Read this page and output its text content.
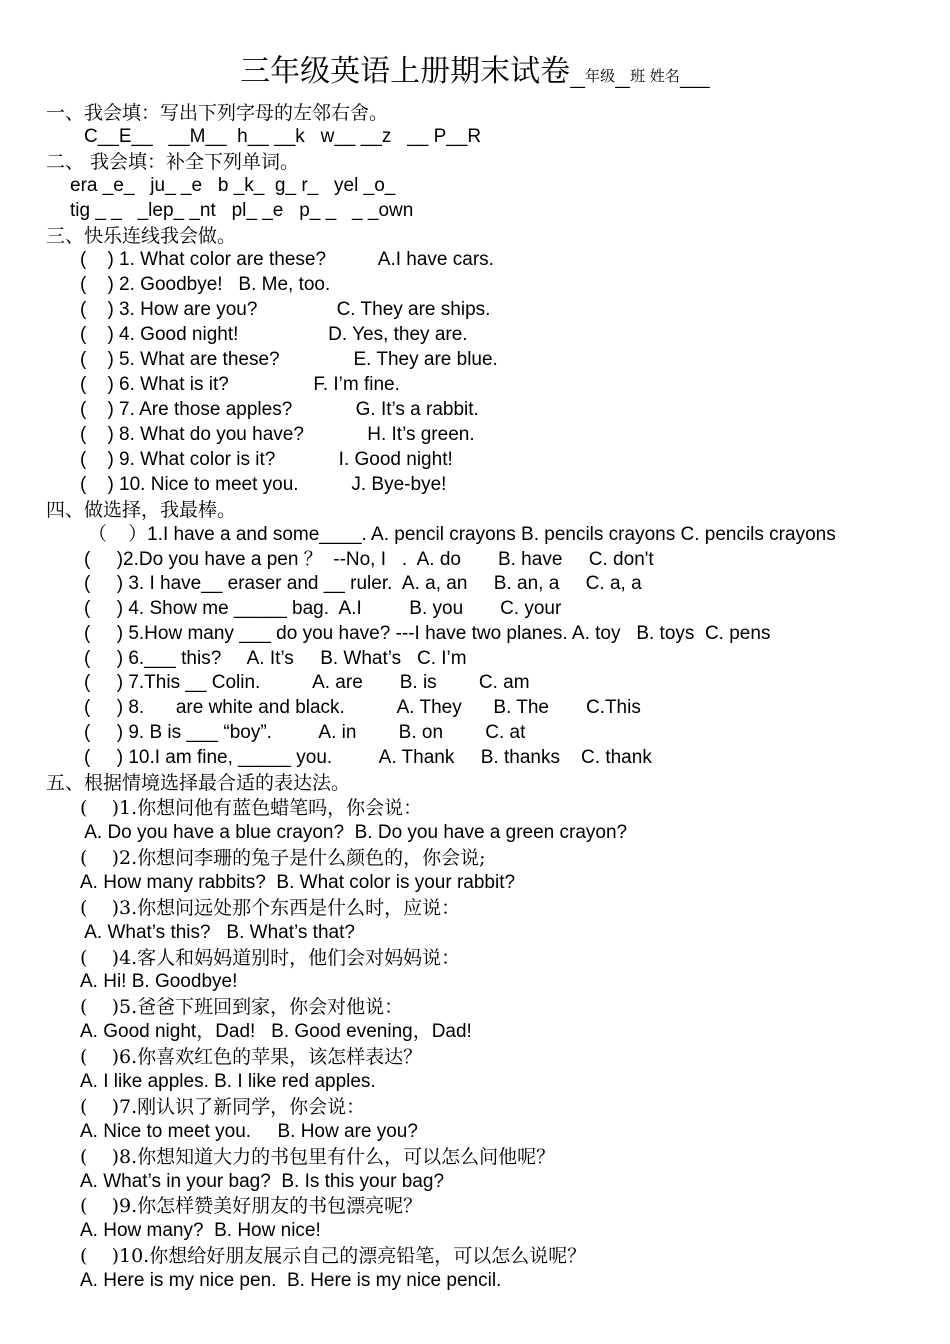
三年级英语上册期末试卷_年级_班 姓名__
一、我会填：写出下列字母的左邻右舍。
C__E__   __M__  h__ __k   w__ __z   __ P__R
二、 我会填：补全下列单词。
era _e_   ju_ _e   b _k_  g_ r_   yel _o_
tig _ _   _lep_ _nt   pl_ _e   p_ _   _ _own
三、快乐连线我会做。
(    ) 1. What color are these?          A.I have cars.
(    ) 2. Goodbye!   B. Me, too.
(    ) 3. How are you?               C. They are ships.
(    ) 4. Good night!                 D. Yes, they are.
(    ) 5. What are these?              E. They are blue.
(    ) 6. What is it?                F. I’m fine.
(    ) 7. Are those apples?            G. It’s a rabbit.
(    ) 8. What do you have?            H. It’s green.
(    ) 9. What color is it?            I. Good night!
(    ) 10. Nice to meet you.          J. Bye-bye!
四、做选择，我最棒。
（    ）1.I have a and some____. A. pencil crayons B. pencils crayons C. pencils crayons
(     )2.Do you have a pen ？  --No, I   .  A. do       B. have     C. don't
(     ) 3. I have__ eraser and __ ruler.  A. a, an     B. an, a     C. a, a
(     ) 4. Show me _____ bag.  A.I         B. you       C. your
(     ) 5.How many ___ do you have? ---I have two planes. A. toy   B. toys  C. pens
(     ) 6.___ this?     A. It’s     B. What’s   C. I’m
(     ) 7.This __ Colin.          A. are       B. is        C. am
(     ) 8.      are white and black.          A. They      B. The       C.This
(     ) 9. B is ___ “boy”.         A. in        B. on        C. at
(     ) 10.I am fine, _____ you.         A. Thank     B. thanks    C. thank
五、根据情境选择最合适的表达法。
(    )1.你想问他有蓝色蜡笔吗，你会说：
A. Do you have a blue crayon?  B. Do you have a green crayon?
(    )2.你想问李珊的兔子是什么颜色的，你会说;
A. How many rabbits?  B. What color is your rabbit?
(    )3.你想问远处那个东西是什么时，应说：
A. What’s this?   B. What’s that?
(    )4.客人和妈妈道别时，他们会对妈妈说：
A. Hi! B. Goodbye!
(    )5.爸爸下班回到家，你会对他说：
A. Good night，Dad!   B. Good evening，Dad!
(    )6.你喜欢红色的苹果，该怎样表达？
A. I like apples. B. I like red apples.
(    )7.刚认识了新同学，你会说：
A. Nice to meet you.     B. How are you?
(    )8.你想知道大力的书包里有什么，可以怎么问他呢？
A. What’s in your bag?  B. Is this your bag?
(    )9.你怎样赞美好朋友的书包漂亮呢？
A. How many?  B. How nice!
(    )10.你想给好朋友展示自己的漂亮铅笔，可以怎么说呢？
A. Here is my nice pen.  B. Here is my nice pencil.
